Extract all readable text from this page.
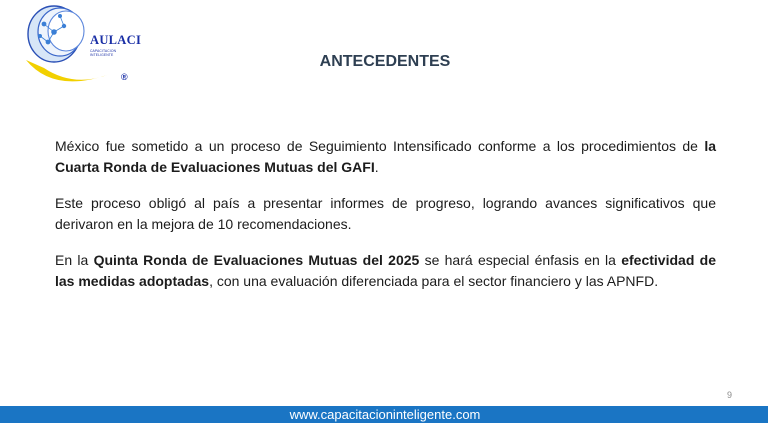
AULACI
CAPACITACION INTELIGENTE
®
ANTECEDENTES

México fue sometido a un proceso de Seguimiento Intensificado conforme a los procedimientos de la Cuarta Ronda de Evaluaciones Mutuas del GAFI.

Este proceso obligó al país a presentar informes de progreso, logrando avances significativos que derivaron en la mejora de 10 recomendaciones.

En la Quinta Ronda de Evaluaciones Mutuas del 2025 se hará especial énfasis en la efectividad de las medidas adoptadas, con una evaluación diferenciada para el sector financiero y las APNFD.

9
www.capacitacioninteligente.com
